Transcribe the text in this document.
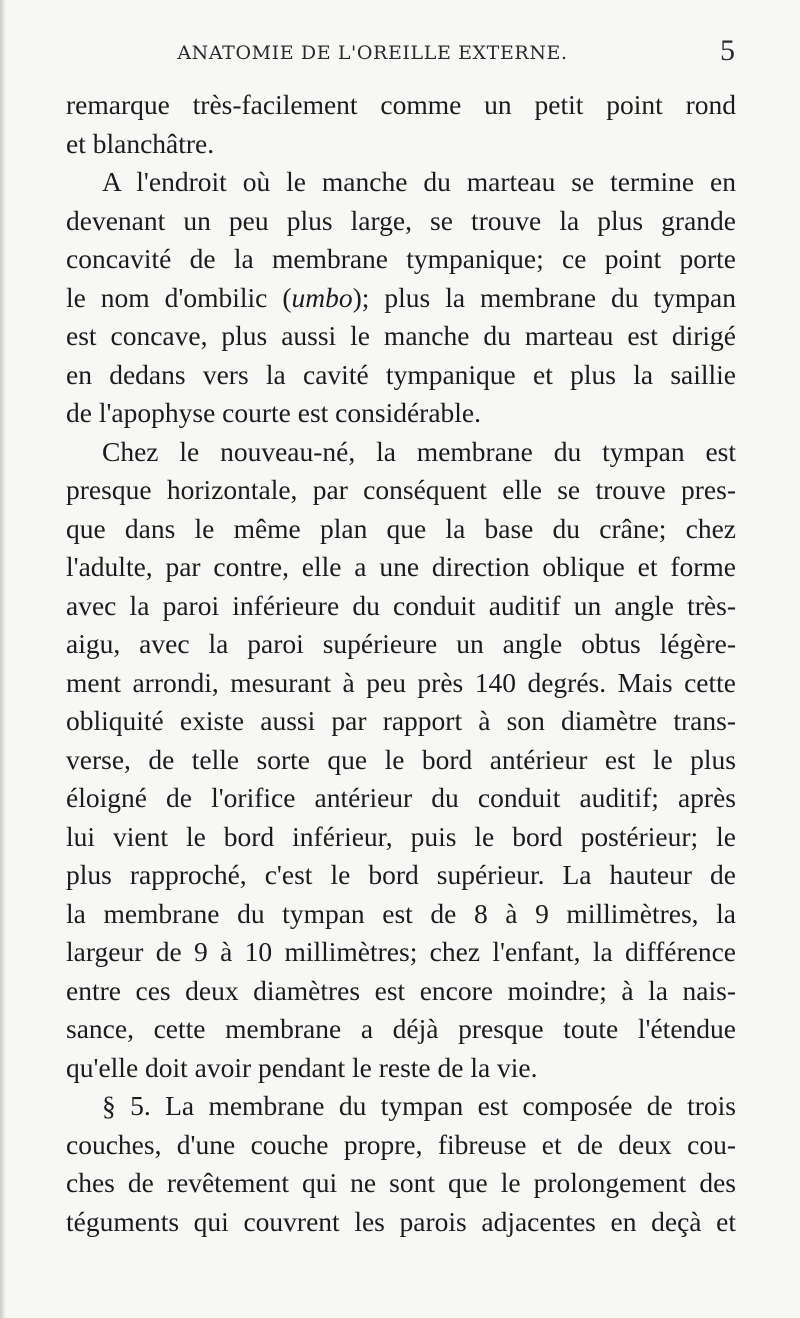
ANATOMIE DE L'OREILLE EXTERNE.	5
remarque très-facilement comme un petit point rond
et blanchâtre.
A l'endroit où le manche du marteau se termine en
devenant un peu plus large, se trouve la plus grande
concavité de la membrane tympanique; ce point porte
le nom d'ombilic (umbo); plus la membrane du tympan
est concave, plus aussi le manche du marteau est dirigé
en dedans vers la cavité tympanique et plus la saillie
de l'apophyse courte est considérable.
Chez le nouveau-né, la membrane du tympan est
presque horizontale, par conséquent elle se trouve pres-
que dans le même plan que la base du crâne; chez
l'adulte, par contre, elle a une direction oblique et forme
avec la paroi inférieure du conduit auditif un angle très-
aigu, avec la paroi supérieure un angle obtus légère-
ment arrondi, mesurant à peu près 140 degrés. Mais cette
obliquité existe aussi par rapport à son diamètre trans-
verse, de telle sorte que le bord antérieur est le plus
éloigné de l'orifice antérieur du conduit auditif; après
lui vient le bord inférieur, puis le bord postérieur; le
plus rapproché, c'est le bord supérieur. La hauteur de
la membrane du tympan est de 8 à 9 millimètres, la
largeur de 9 à 10 millimètres; chez l'enfant, la différence
entre ces deux diamètres est encore moindre; à la nais-
sance, cette membrane a déjà presque toute l'étendue
qu'elle doit avoir pendant le reste de la vie.
§ 5. La membrane du tympan est composée de trois
couches, d'une couche propre, fibreuse et de deux cou-
ches de revêtement qui ne sont que le prolongement des
téguments qui couvrent les parois adjacentes en deçà et
